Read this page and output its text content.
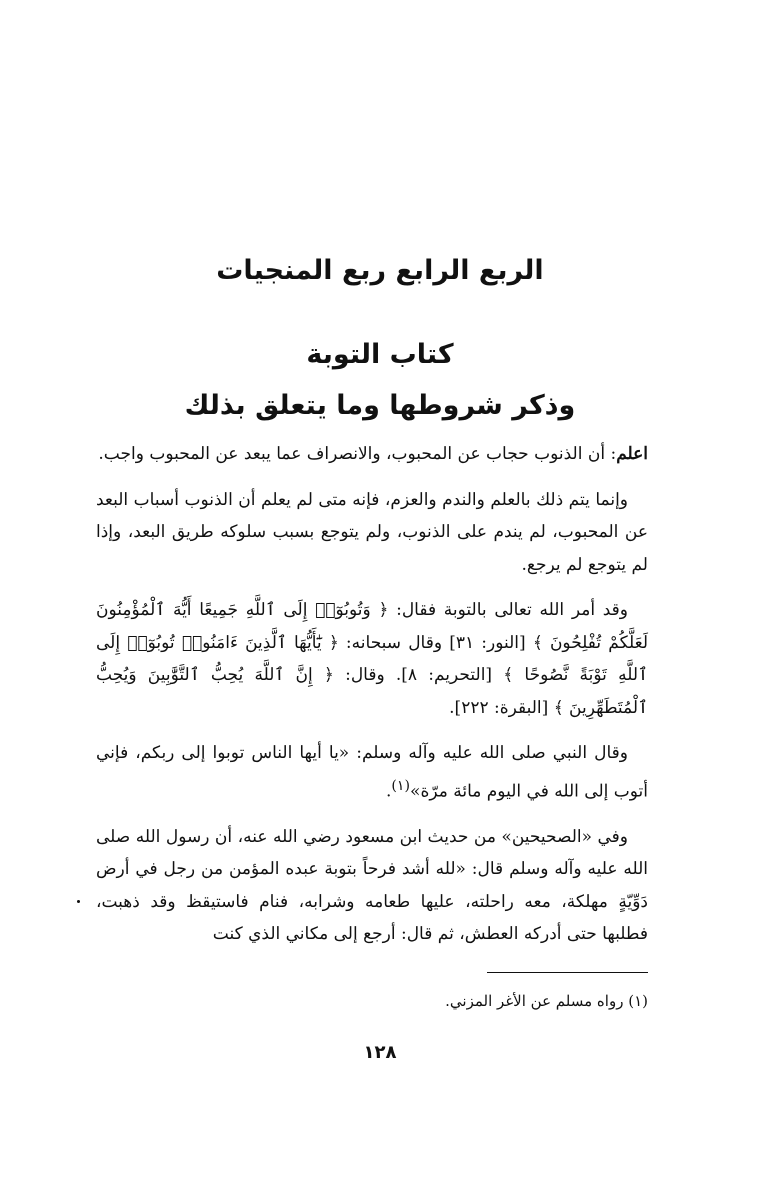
الربع الرابع ربع المنجيات
كتاب التوبة
وذكر شروطها وما يتعلق بذلك

اعلم: أن الذنوب حجاب عن المحبوب، والانصراف عما يبعد عن المحبوب واجب.

وإنما يتم ذلك بالعلم والندم والعزم، فإنه متى لم يعلم أن الذنوب أسباب البعد عن المحبوب، لم يندم على الذنوب، ولم يتوجع بسبب سلوكه طريق البعد، وإذا لم يتوجع لم يرجع.

وقد أمر الله تعالى بالتوبة فقال: ﴿ وَتُوبُوٓا۟ إِلَى ٱللَّهِ جَمِيعًا أَيُّهَ ٱلْمُؤْمِنُونَ لَعَلَّكُمْ تُفْلِحُونَ ﴾ [النور: ٣١] وقال سبحانه: ﴿ يَٰٓأَيُّهَا ٱلَّذِينَ ءَامَنُوا۟ تُوبُوٓا۟ إِلَى ٱللَّهِ تَوْبَةً نَّصُوحًا ﴾ [التحريم: ٨]. وقال: ﴿ إِنَّ ٱللَّهَ يُحِبُّ ٱلتَّوَّٰبِينَ وَيُحِبُّ ٱلْمُتَطَهِّرِينَ ﴾ [البقرة: ٢٢٢].

وقال النبي صلى الله عليه وآله وسلم: «يا أيها الناس توبوا إلى ربكم، فإني أتوب إلى الله في اليوم مائة مرّة»$^{(١)}$.

وفي «الصحيحين» من حديث ابن مسعود رضي الله عنه، أن رسول الله صلى الله عليه وآله وسلم قال: «لله أشد فرحاً بتوبة عبده المؤمن من رجل في أرض دَوِّيّةٍ مهلكة، معه راحلته، عليها طعامه وشرابه، فنام فاستيقظ وقد ذهبت، فطلبها حتى أدركه العطش، ثم قال: أرجع إلى مكاني الذي كنت

(١) رواه مسلم عن الأغر المزني.
١٢٨
